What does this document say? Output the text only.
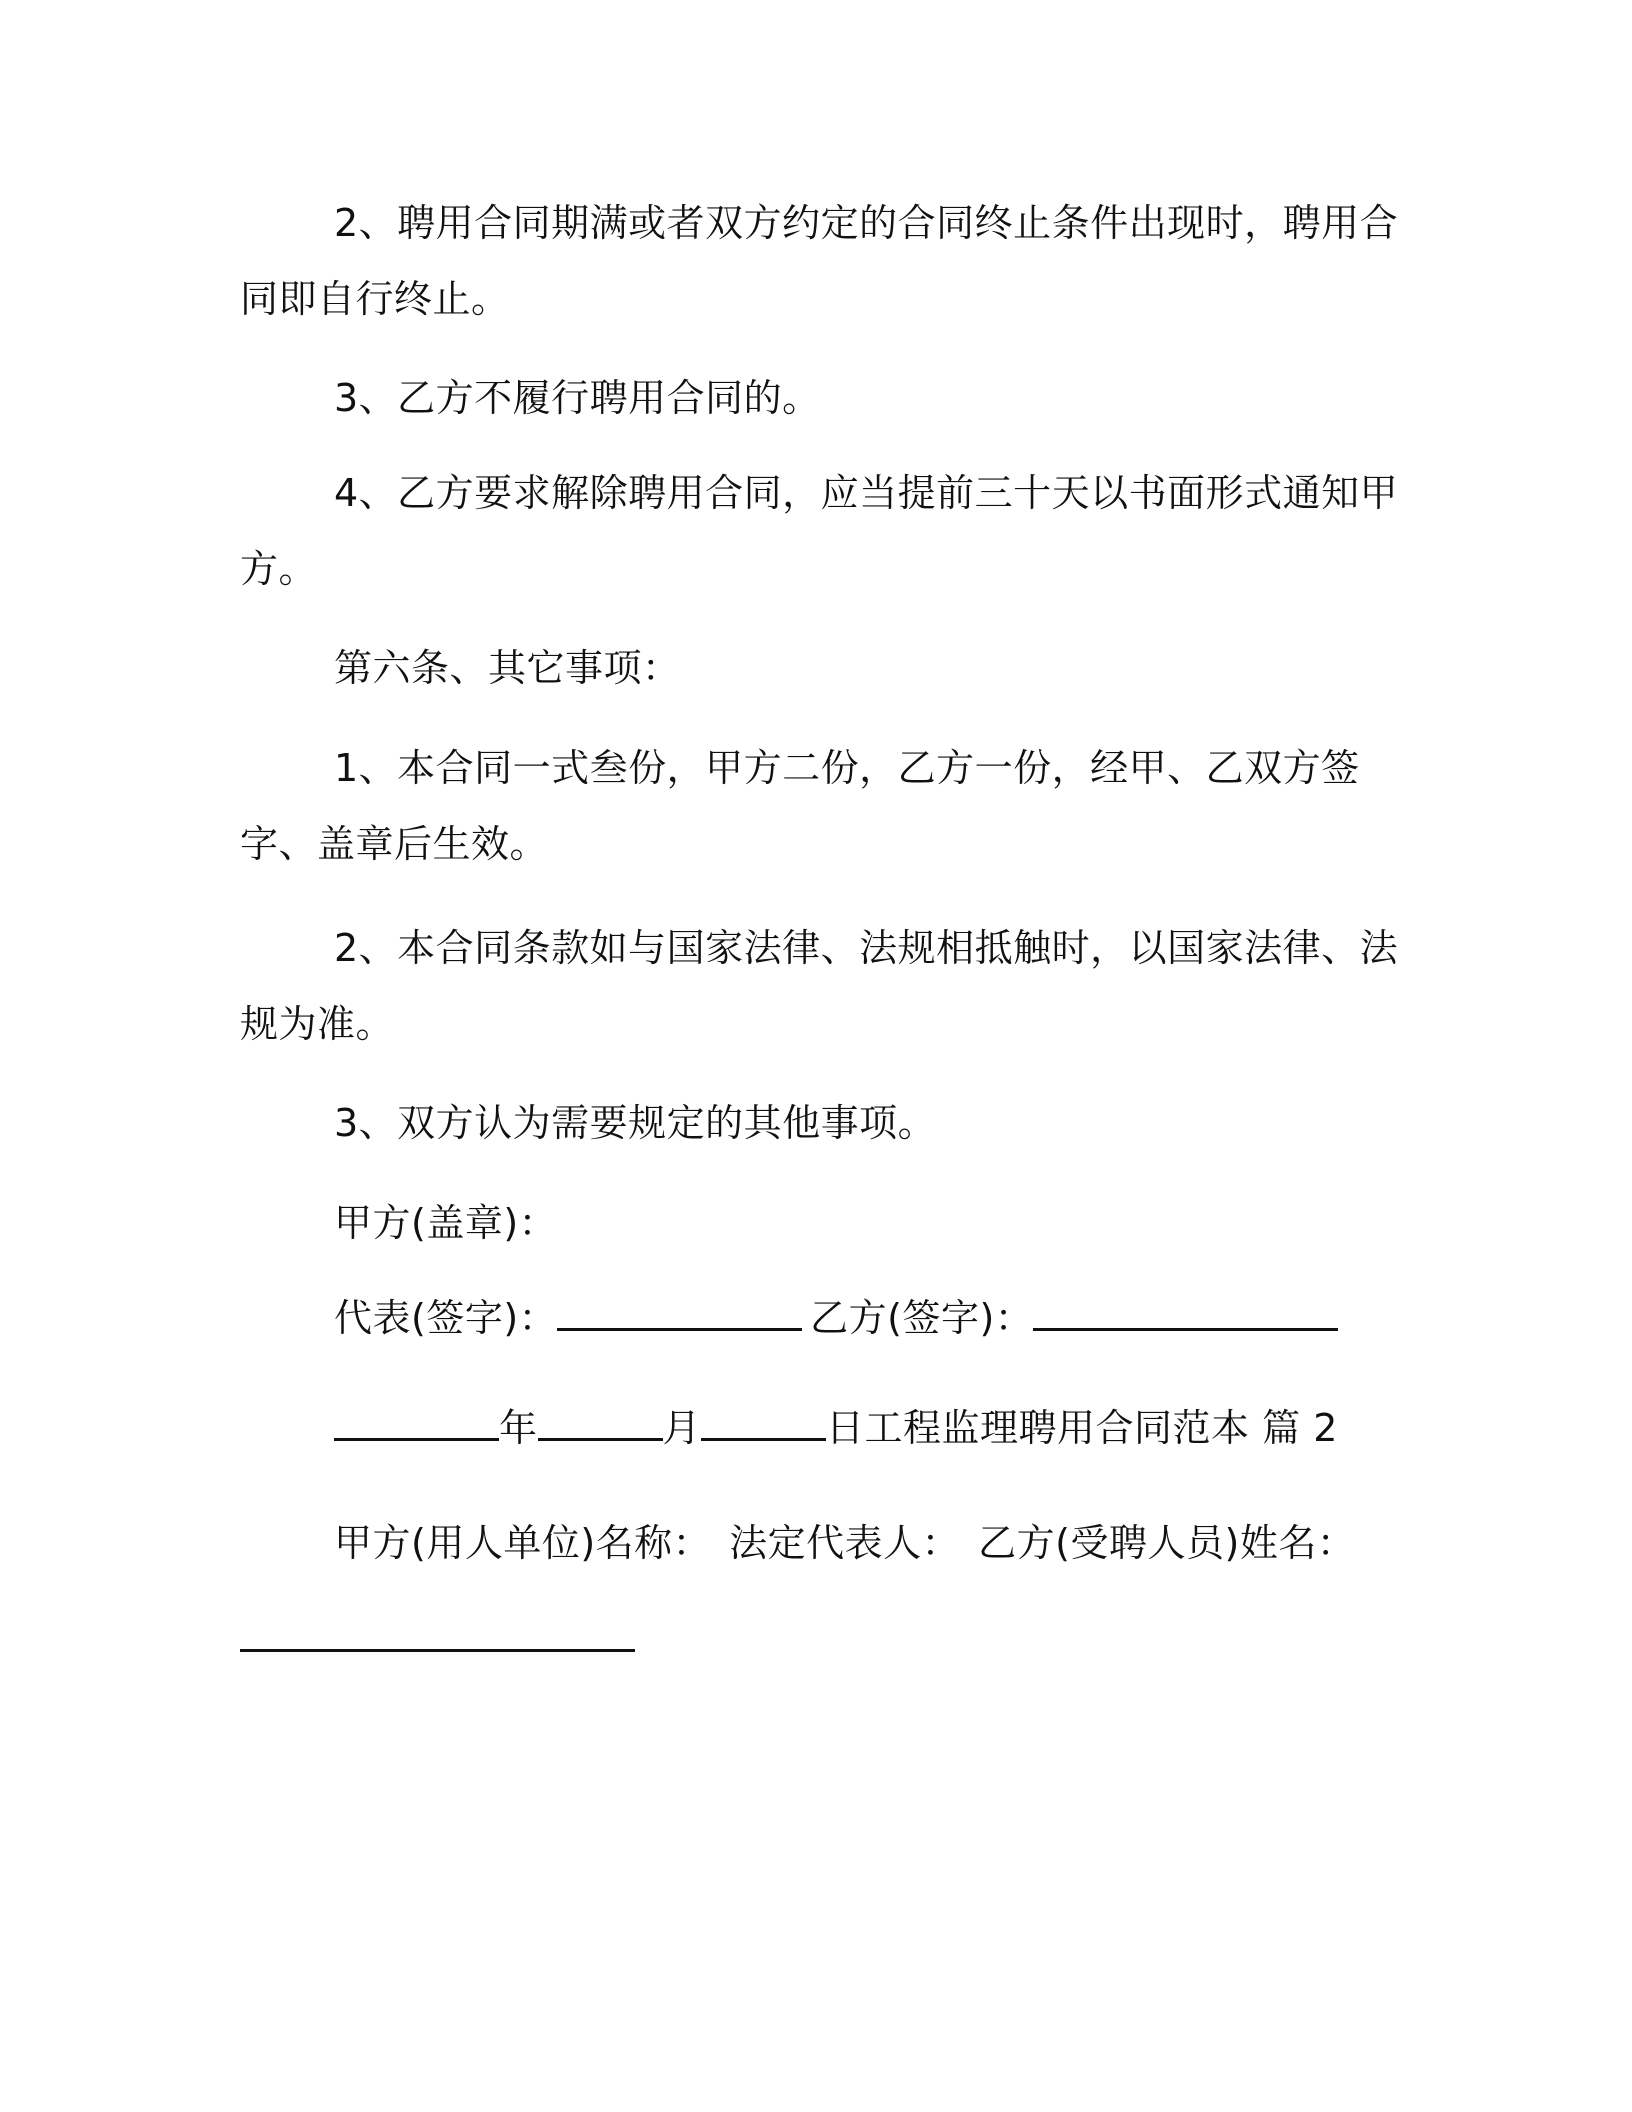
2、聘用合同期满或者双方约定的合同终止条件出现时，聘用合同即自行终止。
3、乙方不履行聘用合同的。
4、乙方要求解除聘用合同，应当提前三十天以书面形式通知甲方。
第六条、其它事项：
1、本合同一式叁份，甲方二份，乙方一份，经甲、乙双方签字、盖章后生效。
2、本合同条款如与国家法律、法规相抵触时，以国家法律、法规为准。
3、双方认为需要规定的其他事项。
甲方(盖章)：
代表(签字)：	乙方(签字)：
年	月	日工程监理聘用合同范本 篇 2
甲方(用人单位)名称： 法定代表人： 乙方(受聘人员)姓名：
